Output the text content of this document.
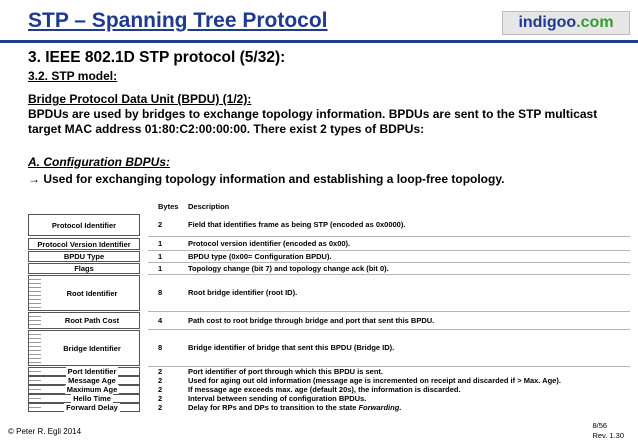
STP – Spanning Tree Protocol	indigoo.com
3. IEEE 802.1D STP protocol (5/32):
3.2. STP model:
Bridge Protocol Data Unit (BPDU) (1/2):
BPDUs are used by bridges to exchange topology information. BPDUs are sent to the STP multicast target MAC address 01:80:C2:00:00:00. There exist 2 types of BDPUs:
A. Configuration BDPUs:
→ Used for exchanging topology information and establishing a loop-free topology.
Bytes Description
Protocol Identifier	2	Field that identifies frame as being STP (encoded as 0x0000).
Protocol Version Identifier	1	Protocol version identifier (encoded as 0x00).
BPDU Type	1	BPDU type (0x00= Configuration BPDU).
Flags	1	Topology change (bit 7) and topology change ack (bit 0).
Root Identifier	8	Root bridge identifier (root ID).
Root Path Cost	4	Path cost to root bridge through bridge and port that sent this BPDU.
Bridge Identifier	8	Bridge identifier of bridge that sent this BPDU (Bridge ID).
Port Identifier	2	Port identifier of port through which this BPDU is sent.
Message Age	2	Used for aging out old information (message age is incremented on receipt and discarded if > Max. Age).
Maximum Age	2	If message age exceeds max. age (default 20s), the information is discarded.
Hello Time	2	Interval between sending of configuration BPDUs.
Forward Delay	2	Delay for RPs and DPs to transition to the state Forwarding.
© Peter R. Egli 2014
8/56
Rev. 1.30
